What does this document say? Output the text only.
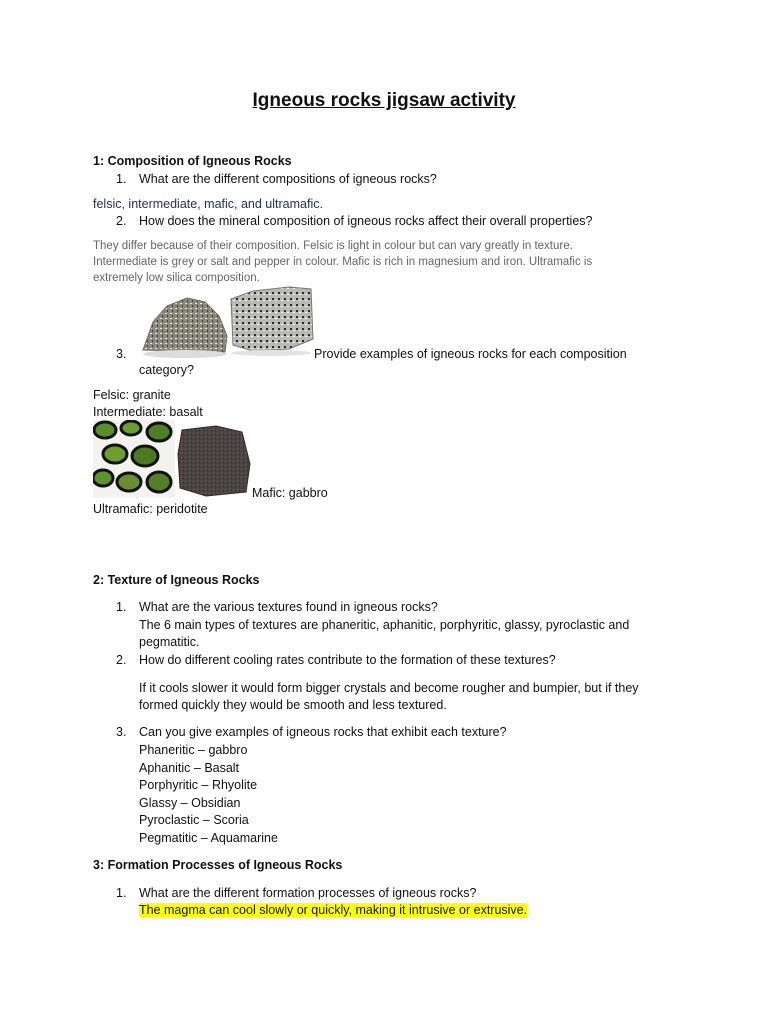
Igneous rocks jigsaw activity
1: Composition of Igneous Rocks
1. What are the different compositions of igneous rocks?
felsic, intermediate, mafic, and ultramafic.
2. How does the mineral composition of igneous rocks affect their overall properties?
They differ because of their composition. Felsic is light in colour but can vary greatly in texture.
Intermediate is grey or salt and pepper in colour. Mafic is rich in magnesium and iron. Ultramafic is
extremely low silica composition.
3.	Provide examples of igneous rocks for each composition
category?
Felsic: granite
Intermediate: basalt
Mafic: gabbro
Ultramafic: peridotite
2: Texture of Igneous Rocks
1. What are the various textures found in igneous rocks?
The 6 main types of textures are phaneritic, aphanitic, porphyritic, glassy, pyroclastic and
pegmatitic.
2. How do different cooling rates contribute to the formation of these textures?
If it cools slower it would form bigger crystals and become rougher and bumpier, but if they
formed quickly they would be smooth and less textured.
3. Can you give examples of igneous rocks that exhibit each texture?
Phaneritic – gabbro
Aphanitic – Basalt
Porphyritic – Rhyolite
Glassy – Obsidian
Pyroclastic – Scoria
Pegmatitic – Aquamarine
3: Formation Processes of Igneous Rocks
1. What are the different formation processes of igneous rocks?
The magma can cool slowly or quickly, making it intrusive or extrusive.
